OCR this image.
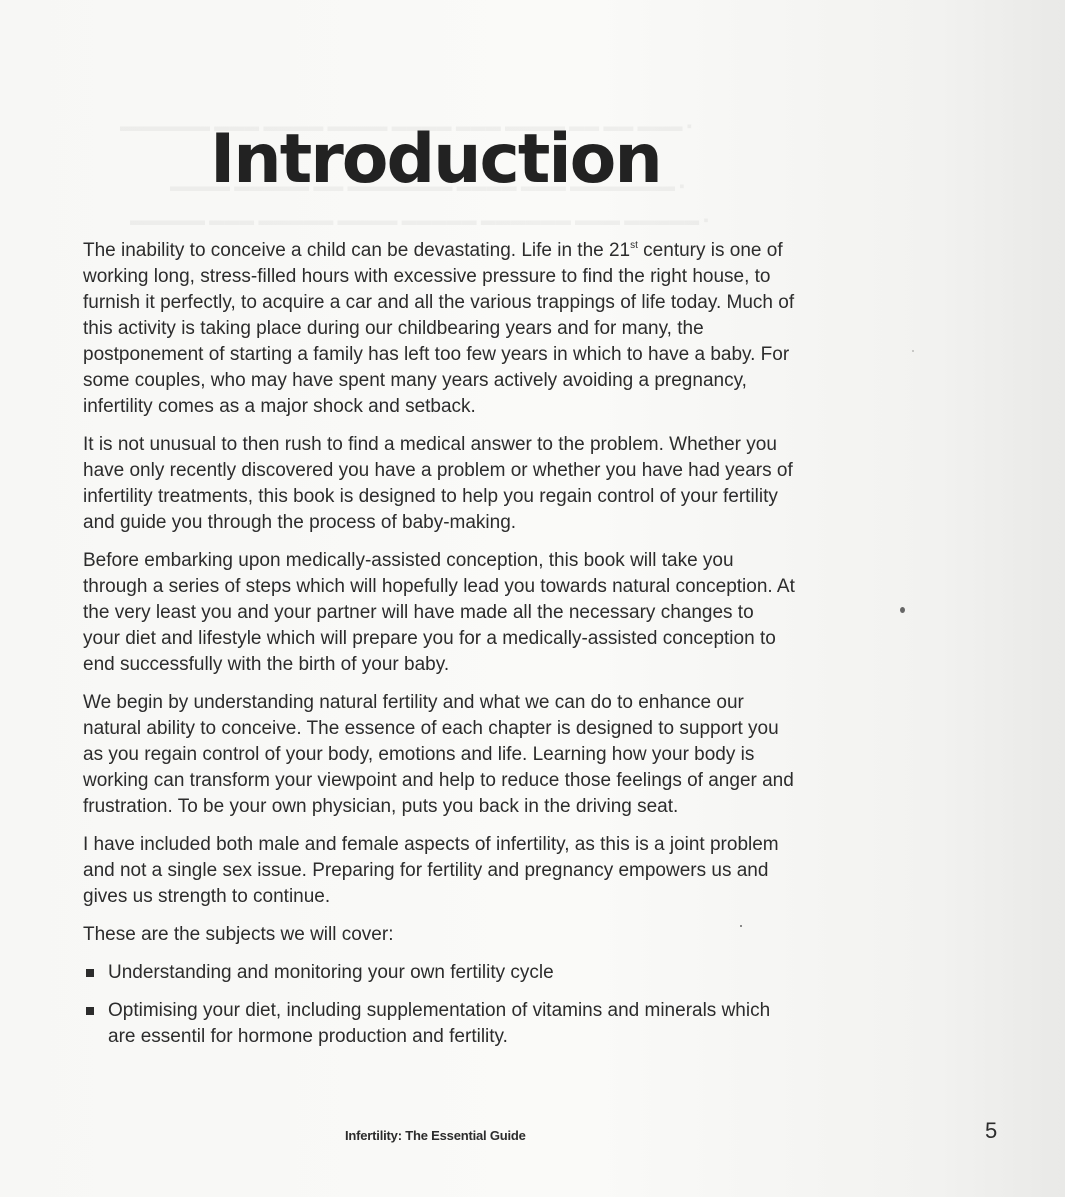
Introduction

The inability to conceive a child can be devastating. Life in the 21st century is one of working long, stress-filled hours with excessive pressure to find the right house, to furnish it perfectly, to acquire a car and all the various trappings of life today. Much of this activity is taking place during our childbearing years and for many, the postponement of starting a family has left too few years in which to have a baby. For some couples, who may have spent many years actively avoiding a pregnancy, infertility comes as a major shock and setback.

It is not unusual to then rush to find a medical answer to the problem. Whether you have only recently discovered you have a problem or whether you have had years of infertility treatments, this book is designed to help you regain control of your fertility and guide you through the process of baby-making.

Before embarking upon medically-assisted conception, this book will take you through a series of steps which will hopefully lead you towards natural conception. At the very least you and your partner will have made all the necessary changes to your diet and lifestyle which will prepare you for a medically-assisted conception to end successfully with the birth of your baby.

We begin by understanding natural fertility and what we can do to enhance our natural ability to conceive. The essence of each chapter is designed to support you as you regain control of your body, emotions and life. Learning how your body is working can transform your viewpoint and help to reduce those feelings of anger and frustration. To be your own physician, puts you back in the driving seat.

I have included both male and female aspects of infertility, as this is a joint problem and not a single sex issue. Preparing for fertility and pregnancy empowers us and gives us strength to continue.

These are the subjects we will cover:

Understanding and monitoring your own fertility cycle
Optimising your diet, including supplementation of vitamins and minerals which are essentil for hormone production and fertility.
Infertility: The Essential Guide	5
